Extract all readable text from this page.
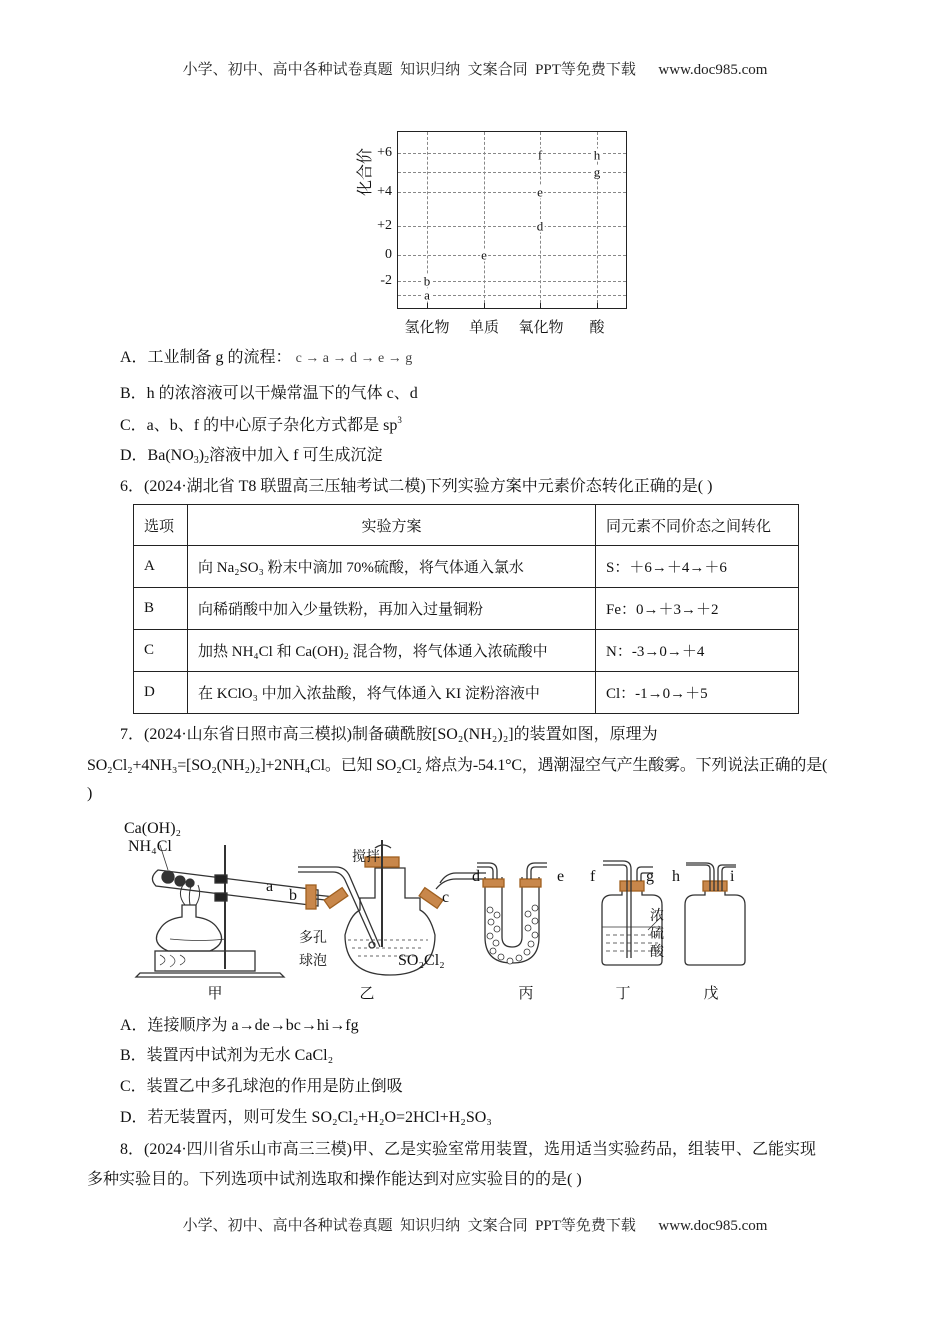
小学、初中、高中各种试卷真题  知识归纳  文案合同  PPT等免费下载      www.doc985.com
化合价 +6
+4
+2
0
-2
a
b
e
d
e
f
g
h
氢化物 单质 氧化物 酸
A．工业制备 g 的流程： c → a → d → e → g
B．h 的浓溶液可以干燥常温下的气体 c、d
C．a、b、f 的中心原子杂化方式都是 $sp^3$
D．$Ba(NO_3)_2$溶液中加入 f 可生成沉淀
6．(2024·湖北省 T8 联盟高三压轴考试二模)下列实验方案中元素价态转化正确的是( )
选项	实验方案	同元素不同价态之间转化
A	向 Na₂SO₃ 粉末中滴加 70%硫酸，将气体通入氯水	S：＋6→＋4→＋6
B	向稀硝酸中加入少量铁粉，再加入过量铜粉	Fe：0→＋3→＋2
C	加热 NH₄Cl 和 Ca(OH)₂ 混合物，将气体通入浓硫酸中	N：-3→0→＋4
D	在 KClO₃ 中加入浓盐酸，将气体通入 KI 淀粉溶液中	Cl：-1→0→＋5
7．(2024·山东省日照市高三模拟)制备磺酰胺[SO₂(NH₂)₂]的装置如图，原理为
SO₂Cl₂+4NH₃=[SO₂(NH₂)₂]+2NH₄Cl。已知 SO₂Cl₂ 熔点为-54.1°C，遇潮湿空气产生酸雾。下列说法正确的是(
)
Ca(OH)₂
NH₄Cl
a
搅拌
b	c
多孔
球泡	SO₂Cl₂
d	e f	g h	i
浓
硫
酸
甲	乙	丙	丁	戊
A．连接顺序为 a→de→bc→hi→fg
B．装置丙中试剂为无水 CaCl₂
C．装置乙中多孔球泡的作用是防止倒吸
D．若无装置丙，则可发生 SO₂Cl₂+H₂O=2HCl+H₂SO₃
8．(2024·四川省乐山市高三三模)甲、乙是实验室常用装置，选用适当实验药品，组装甲、乙能实现
多种实验目的。下列选项中试剂选取和操作能达到对应实验目的的是( )
小学、初中、高中各种试卷真题  知识归纳  文案合同  PPT等免费下载      www.doc985.com
